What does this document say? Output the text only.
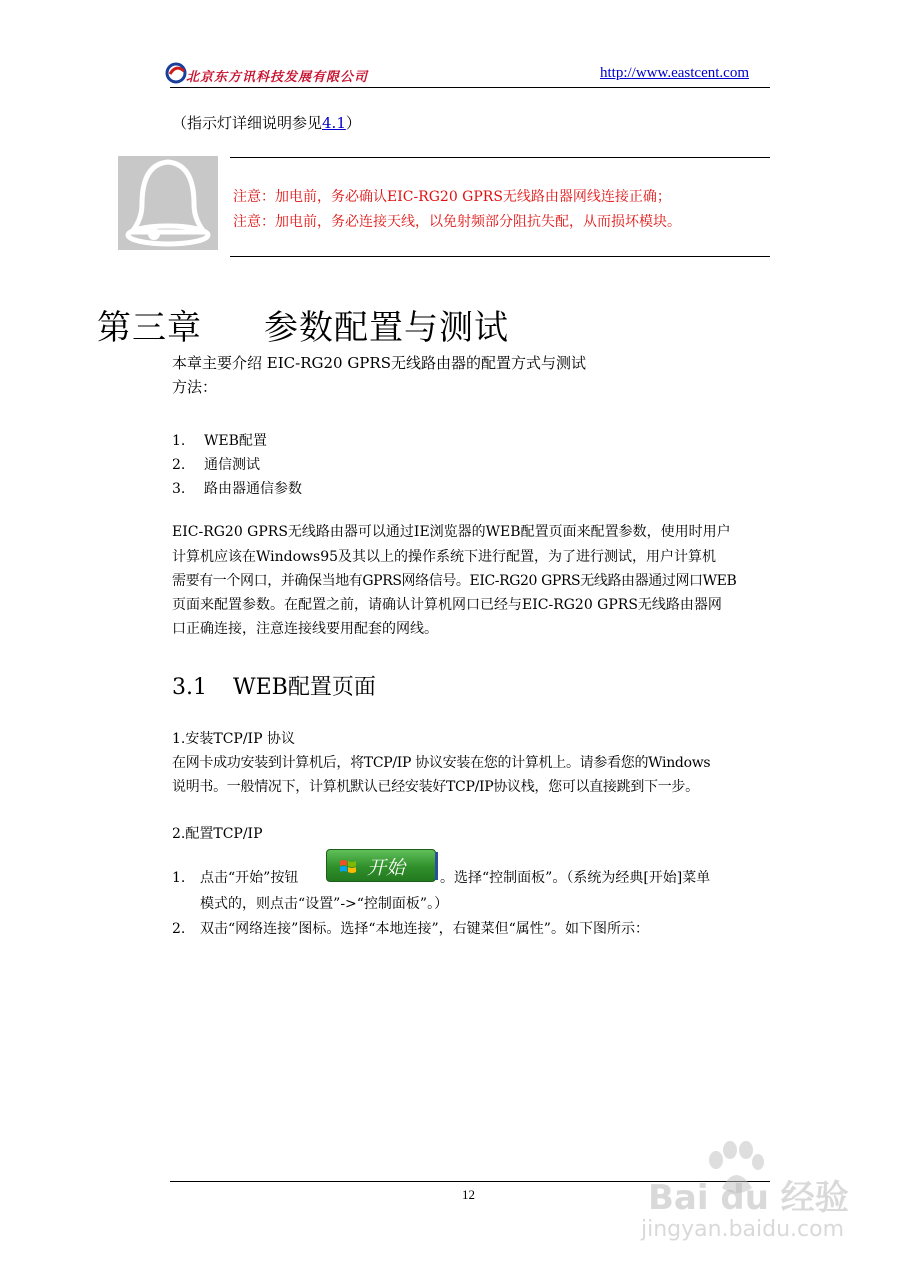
北京东方讯科技发展有限公司	http://www.eastcent.com
（指示灯详细说明参见4.1）
注意：加电前，务必确认EIC-RG20 GPRS无线路由器网线连接正确；
注意：加电前，务必连接天线，以免射频部分阻抗失配，从而损坏模块。
第三章 参数配置与测试
本章主要介绍 EIC-RG20 GPRS无线路由器的配置方式与测试
方法：
1. WEB配置
2. 通信测试
3. 路由器通信参数
EIC-RG20 GPRS无线路由器可以通过IE浏览器的WEB配置页面来配置参数，使用时用户
计算机应该在Windows95及其以上的操作系统下进行配置，为了进行测试，用户计算机
需要有一个网口，并确保当地有GPRS网络信号。EIC-RG20 GPRS无线路由器通过网口WEB
页面来配置参数。在配置之前，请确认计算机网口已经与EIC-RG20 GPRS无线路由器网
口正确连接，注意连接线要用配套的网线。
3.1 WEB配置页面
1.安装TCP/IP 协议
在网卡成功安装到计算机后，将TCP/IP 协议安装在您的计算机上。请参看您的Windows
说明书。一般情况下，计算机默认已经安装好TCP/IP协议栈，您可以直接跳到下一步。
2.配置TCP/IP
1. 点击“开始”按钮	开始 。选择“控制面板”。（系统为经典[开始]菜单
模式的，则点击“设置”->“控制面板”。）
2. 双击“网络连接”图标。选择“本地连接”，右键菜但“属性”。如下图所示：
12	Bai du 经验
jingyan.baidu.com
